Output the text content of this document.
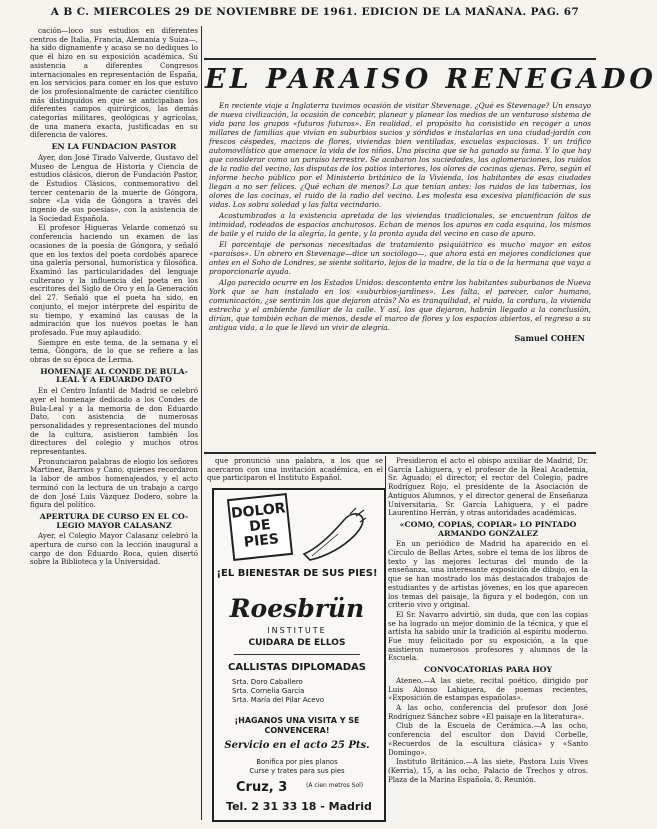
A B C. MIERCOLES 29 DE NOVIEMBRE DE 1961. EDICION DE LA MAÑANA. PAG. 67

cación—loco sus estudios en diferentes centros de Italia, Francia, Alemania y Suiza—, ha sido dignamente y acaso se no dediques lo que él hizo en su exposición académica. Su asistencia a diferentes Congresos internacionales en representación de España, en los servicios para comer en los que estuvo de los profesionalmente de carácter científico más distinguidos en que se anticipaban los diferentes campos quirúrgicos, las demás categorías militares, geológicas y agrícolas, de una manera exacta, justificadas en su diferencia de valores.

EN LA FUNDACION PASTOR

Ayer, don José Tirado Valverde, Gustavo del Museo de Lengua de Historia y Ciencia de estudios clásicos, dieron de Fundación Pastor, de Estudios Clásicos, conmemorativo del tercer centenario de la muerte de Góngora, sobre «La vida de Góngora a través del ingenio de sus poesías», con la asistencia de la Sociedad Española.

El profesor Higueras Velarde comenzó su conferencia haciendo un examen de las ocasiones de la poesía de Góngora, y señaló que en los textos del poeta cordobés aparece una galería personal, humorística y filosófica. Examinó las particularidades del lenguaje culterano y la influencia del poeta en los escritores del Siglo de Oro y en la Generación del 27. Señaló que el poeta ha sido, en conjunto, el mejor intérprete del espíritu de su tiempo, y examinó las causas de la admiración que los nuevos poetas le han profesado. Fue muy aplaudido.

Siempre en este tema, de la semana y el tema, Góngora, de lo que se refiere a las obras de su época de Lerma.

HOMENAJE AL CONDE DE BULA-LEAL Y A EDUARDO DATO

En el Centro Infantil de Madrid se celebró ayer el homenaje dedicado a los Condes de Bula-Leal y a la memoria de don Eduardo Dato, con asistencia de numerosas personalidades y representaciones del mundo de la cultura, asistieron también los directores del colegio y muchos otros representantes.

Pronunciaron palabras de elogio los señores Martínez, Barrios y Cano, quienes recordaron la labor de ambos homenajeados, y el acto terminó con la lectura de un trabajo a cargo de don José Luis Vázquez Dodero, sobre la figura del político.

APERTURA DE CURSO EN EL CO-LEGIO MAYOR CALASANZ

Ayer, el Colegio Mayor Calasanz celebró la apertura de curso con la lección inaugural a cargo de don Eduardo Roca, quien disertó sobre la Biblioteca y la Universidad.

EL PARAISO RENEGADO

En reciente viaje a Inglaterra tuvimos ocasión de visitar Stevenage. ¿Qué es Stevenage? Un ensayo de nueva civilización, la ocasión de concebir, planear y planear los medios de un venturoso sistema de vida para los grupos «futuros futuros». En realidad, el propósito ha consistido en recoger a unos millares de familias que vivían en suburbios sucios y sórdidos e instalarlas en una ciudad-jardín con frescos céspedes, macizos de flores, viviendas bien ventiladas, escuelas espaciosas. Y un tráfico automovilístico que amenace la vida de los niños. Una piscina que se ha ganado su fama. Y lo que hay que considerar como un paraíso terrestre. Se acabaron los suciedades, las aglomeraciones, los ruidos de la radio del vecino, las disputas de los patios interiores, los olores de cocinas ajenas. Pero, según el informe hecho público por el Ministerio británico de la Vivienda, los habitantes de esas ciudades llegan a no ser felices. ¿Qué echan de menos? Lo que tenían antes: los ruidos de las tabernas, los olores de las cocinas, el ruido de la radio del vecino. Les molesta esa excesiva planificación de sus vidas. Los sobra soledad y las falta vecindario.

Acostumbrados a la existencia apretada de las viviendas tradicionales, se encuentran faltos de intimidad, rodeados de espacios anchurosos. Echan de menos los apuros en cada esquina, los mismos de baile y el ruido de la alegría, la gente, y la pronta ayuda del vecino en caso de apuro.

El porcentaje de personas necesitadas de tratamiento psiquiátrico es mucho mayor en estos «paraísos». Un obrero en Stevenage—dice un sociólogo—, que ahora está en mejores condiciones que antes en el Soho de Londres, se siente solitario, lejos de la madre, de la tía o de la hermana que vaya a proporcionarle ayuda.

Algo parecido ocurre en los Estados Unidos: descontento entre los habitantes suburbanos de Nueva York que se han instalado en los «suburbios-jardines». Les falta, el parecer, calor humano, comunicación, ¿se sentirán los que dejaron atrás? No es tranquilidad, el ruido, la cordura, la vivienda estrecha y el ambiente familiar de la calle. Y así, los que dejaron, habrán llegado a la conclusión, dirían, que también echan de menos, desde el marco de flores y los espacios abiertos, el regreso a su antigua vida, a lo que le llevó un vivir de alegría.

Samuel COHEN

que pronunció una palabra, a los que se acercaron con una invitación académica, en el que participaron el Instituto Español.

DOLOR
DE
PIES
¡EL BIENESTAR DE SUS PIES!
Roesbrün
INSTITUTE
CUIDARA DE ELLOS
CALLISTAS DIPLOMADAS
Srta. Doro Caballero
Srta. Cornelia Garcia
Srta. María del Pilar Acevo
¡HAGANOS UNA VISITA Y SE CONVENCERA!
Servicio en el acto 25 Pts.
Bonifica por pies planos
Curse y trates para sus pies
Cruz, 3	(A cien metros Sol)
Tel. 2 31 33 18 - Madrid

Presidieron el acto el obispo auxiliar de Madrid, Dr. García Lahiguera, y el profesor de la Real Academia, Sr. Aguado; el director, el rector del Colegio, padre Rodríguez Rojo, el presidente de la Asociación de Antiguos Alumnos, y el director general de Enseñanza Universitaria, Sr. García Lahiguera, y el padre Laurentino Herrán, y otras autoridades académicas.

«COMO, COPIAS, COPIAR» LO PINTADO ARMANDO GONZALEZ

En un periódico de Madrid ha aparecido en el Círculo de Bellas Artes, sobre el tema de los libros de texto y las mejores lecturas del mundo de la enseñanza, una interesante exposición de dibujo, en la que se han mostrado los más destacados trabajos de estudiantes y de artistas jóvenes, en los que aparecen los temas del paisaje, la figura y el bodegón, con un criterio vivo y original.

El Sr. Navarro advirtió, sin duda, que con las copias se ha logrado un mejor dominio de la técnica, y que el artista ha sabido unir la tradición al espíritu moderno. Fue muy felicitado por su exposición, a la que asistieron numerosos profesores y alumnos de la Escuela.

CONVOCATORIAS PARA HOY

Ateneo.—A las siete, recital poético, dirigido por Luis Alonso Lahiguera, de poemas recientes, «Exposición de estampas españolas».

A las ocho, conferencia del profesor don José Rodríguez Sánchez sobre «El paisaje en la literatura».

Club de la Escuela de Cerámica.—A las ocho, conferencia del escultor don David Corbelle, «Recuerdos de la escultura clásica» y «Santo Domingo».

Instituto Británico.—A las siete, Pastora Luis Vives (Kerria), 15, a las ocho, Palacio de Trechos y otros. Plaza de la Marina Española, 8. Reunión.
